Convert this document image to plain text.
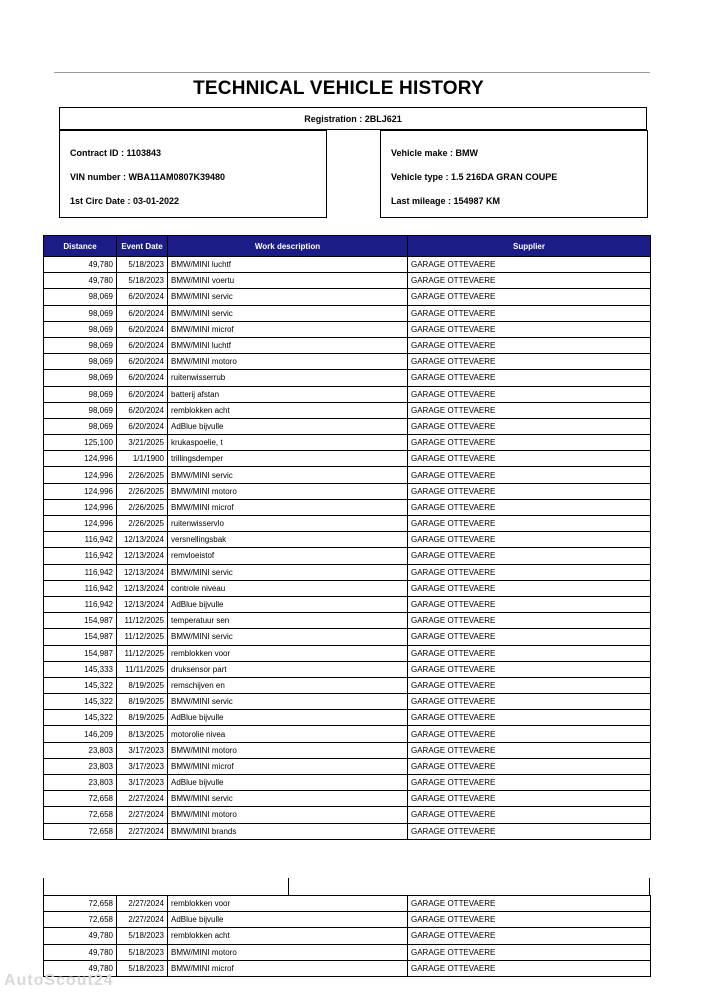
TECHNICAL VEHICLE HISTORY
Registration : 2BLJ621
Contract ID : 1103843
VIN number : WBA11AM0807K39480
1st Circ Date : 03-01-2022
Vehicle make : BMW
Vehicle type : 1.5 216DA GRAN COUPE
Last mileage : 154987 KM
Distance	Event Date	Work description	Supplier
49,780	5/18/2023	BMW/MINI luchtf	GARAGE OTTEVAERE
49,780	5/18/2023	BMW/MINI voertu	GARAGE OTTEVAERE
98,069	6/20/2024	BMW/MINI servic	GARAGE OTTEVAERE
98,069	6/20/2024	BMW/MINI servic	GARAGE OTTEVAERE
98,069	6/20/2024	BMW/MINI microf	GARAGE OTTEVAERE
98,069	6/20/2024	BMW/MINI luchtf	GARAGE OTTEVAERE
98,069	6/20/2024	BMW/MINI motoro	GARAGE OTTEVAERE
98,069	6/20/2024	ruitenwisserrub	GARAGE OTTEVAERE
98,069	6/20/2024	batterij afstan	GARAGE OTTEVAERE
98,069	6/20/2024	remblokken acht	GARAGE OTTEVAERE
98,069	6/20/2024	AdBlue bijvulle	GARAGE OTTEVAERE
125,100	3/21/2025	krukaspoelie, t	GARAGE OTTEVAERE
124,996	1/1/1900	trillingsdemper	GARAGE OTTEVAERE
124,996	2/26/2025	BMW/MINI servic	GARAGE OTTEVAERE
124,996	2/26/2025	BMW/MINI motoro	GARAGE OTTEVAERE
124,996	2/26/2025	BMW/MINI microf	GARAGE OTTEVAERE
124,996	2/26/2025	ruitenwisservlo	GARAGE OTTEVAERE
116,942	12/13/2024	versnellingsbak	GARAGE OTTEVAERE
116,942	12/13/2024	remvloeistof	GARAGE OTTEVAERE
116,942	12/13/2024	BMW/MINI servic	GARAGE OTTEVAERE
116,942	12/13/2024	controle niveau	GARAGE OTTEVAERE
116,942	12/13/2024	AdBlue bijvulle	GARAGE OTTEVAERE
154,987	11/12/2025	temperatuur sen	GARAGE OTTEVAERE
154,987	11/12/2025	BMW/MINI servic	GARAGE OTTEVAERE
154,987	11/12/2025	remblokken voor	GARAGE OTTEVAERE
145,333	11/11/2025	druksensor part	GARAGE OTTEVAERE
145,322	8/19/2025	remschijven en	GARAGE OTTEVAERE
145,322	8/19/2025	BMW/MINI servic	GARAGE OTTEVAERE
145,322	8/19/2025	AdBlue bijvulle	GARAGE OTTEVAERE
146,209	8/13/2025	motorolie nivea	GARAGE OTTEVAERE
23,803	3/17/2023	BMW/MINI motoro	GARAGE OTTEVAERE
23,803	3/17/2023	BMW/MINI microf	GARAGE OTTEVAERE
23,803	3/17/2023	AdBlue bijvulle	GARAGE OTTEVAERE
72,658	2/27/2024	BMW/MINI servic	GARAGE OTTEVAERE
72,658	2/27/2024	BMW/MINI motoro	GARAGE OTTEVAERE
72,658	2/27/2024	BMW/MINI brands	GARAGE OTTEVAERE
72,658	2/27/2024	remblokken voor	GARAGE OTTEVAERE
72,658	2/27/2024	AdBlue bijvulle	GARAGE OTTEVAERE
49,780	5/18/2023	remblokken acht	GARAGE OTTEVAERE
49,780	5/18/2023	BMW/MINI motoro	GARAGE OTTEVAERE
49,780	5/18/2023	BMW/MINI microf	GARAGE OTTEVAERE
AutoScout24
